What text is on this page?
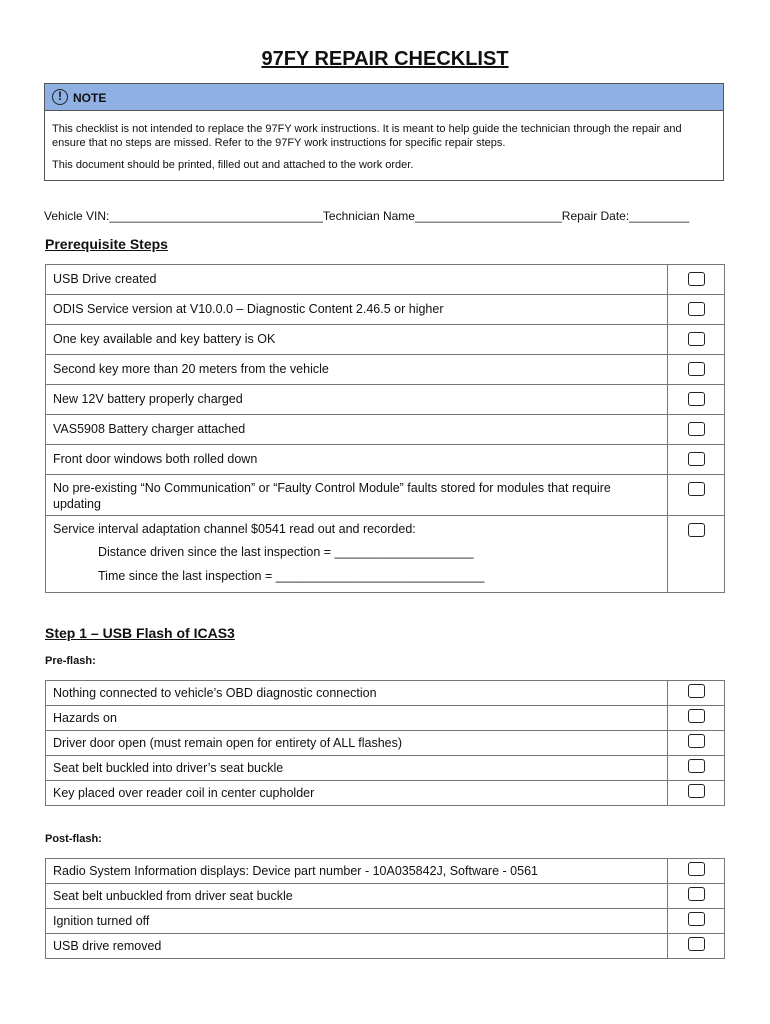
97FY REPAIR CHECKLIST
! NOTE

This checklist is not intended to replace the 97FY work instructions. It is meant to help guide the technician through the repair and ensure that no steps are missed. Refer to the 97FY work instructions for specific repair steps.

This document should be printed, filled out and attached to the work order.

Vehicle VIN:________________________________Technician Name______________________Repair Date:_________
Prerequisite Steps
USB Drive created	
ODIS Service version at V10.0.0 – Diagnostic Content 2.46.5 or higher	
One key available and key battery is OK	
Second key more than 20 meters from the vehicle	
New 12V battery properly charged	
VAS5908 Battery charger attached	
Front door windows both rolled down	
No pre-existing “No Communication” or “Faulty Control Module” faults stored for modules that require updating	

Service interval adaptation channel $0541 read out and recorded:
Distance driven since the last inspection = ____________________
Time since the last inspection = ______________________________	

Step 1 – USB Flash of ICAS3
Pre-flash:
Nothing connected to vehicle’s OBD diagnostic connection	
Hazards on	
Driver door open (must remain open for entirety of ALL flashes)	
Seat belt buckled into driver’s seat buckle	
Key placed over reader coil in center cupholder	
Post-flash:
Radio System Information displays: Device part number - 10A035842J, Software - 0561	
Seat belt unbuckled from driver seat buckle	
Ignition turned off	
USB drive removed	
